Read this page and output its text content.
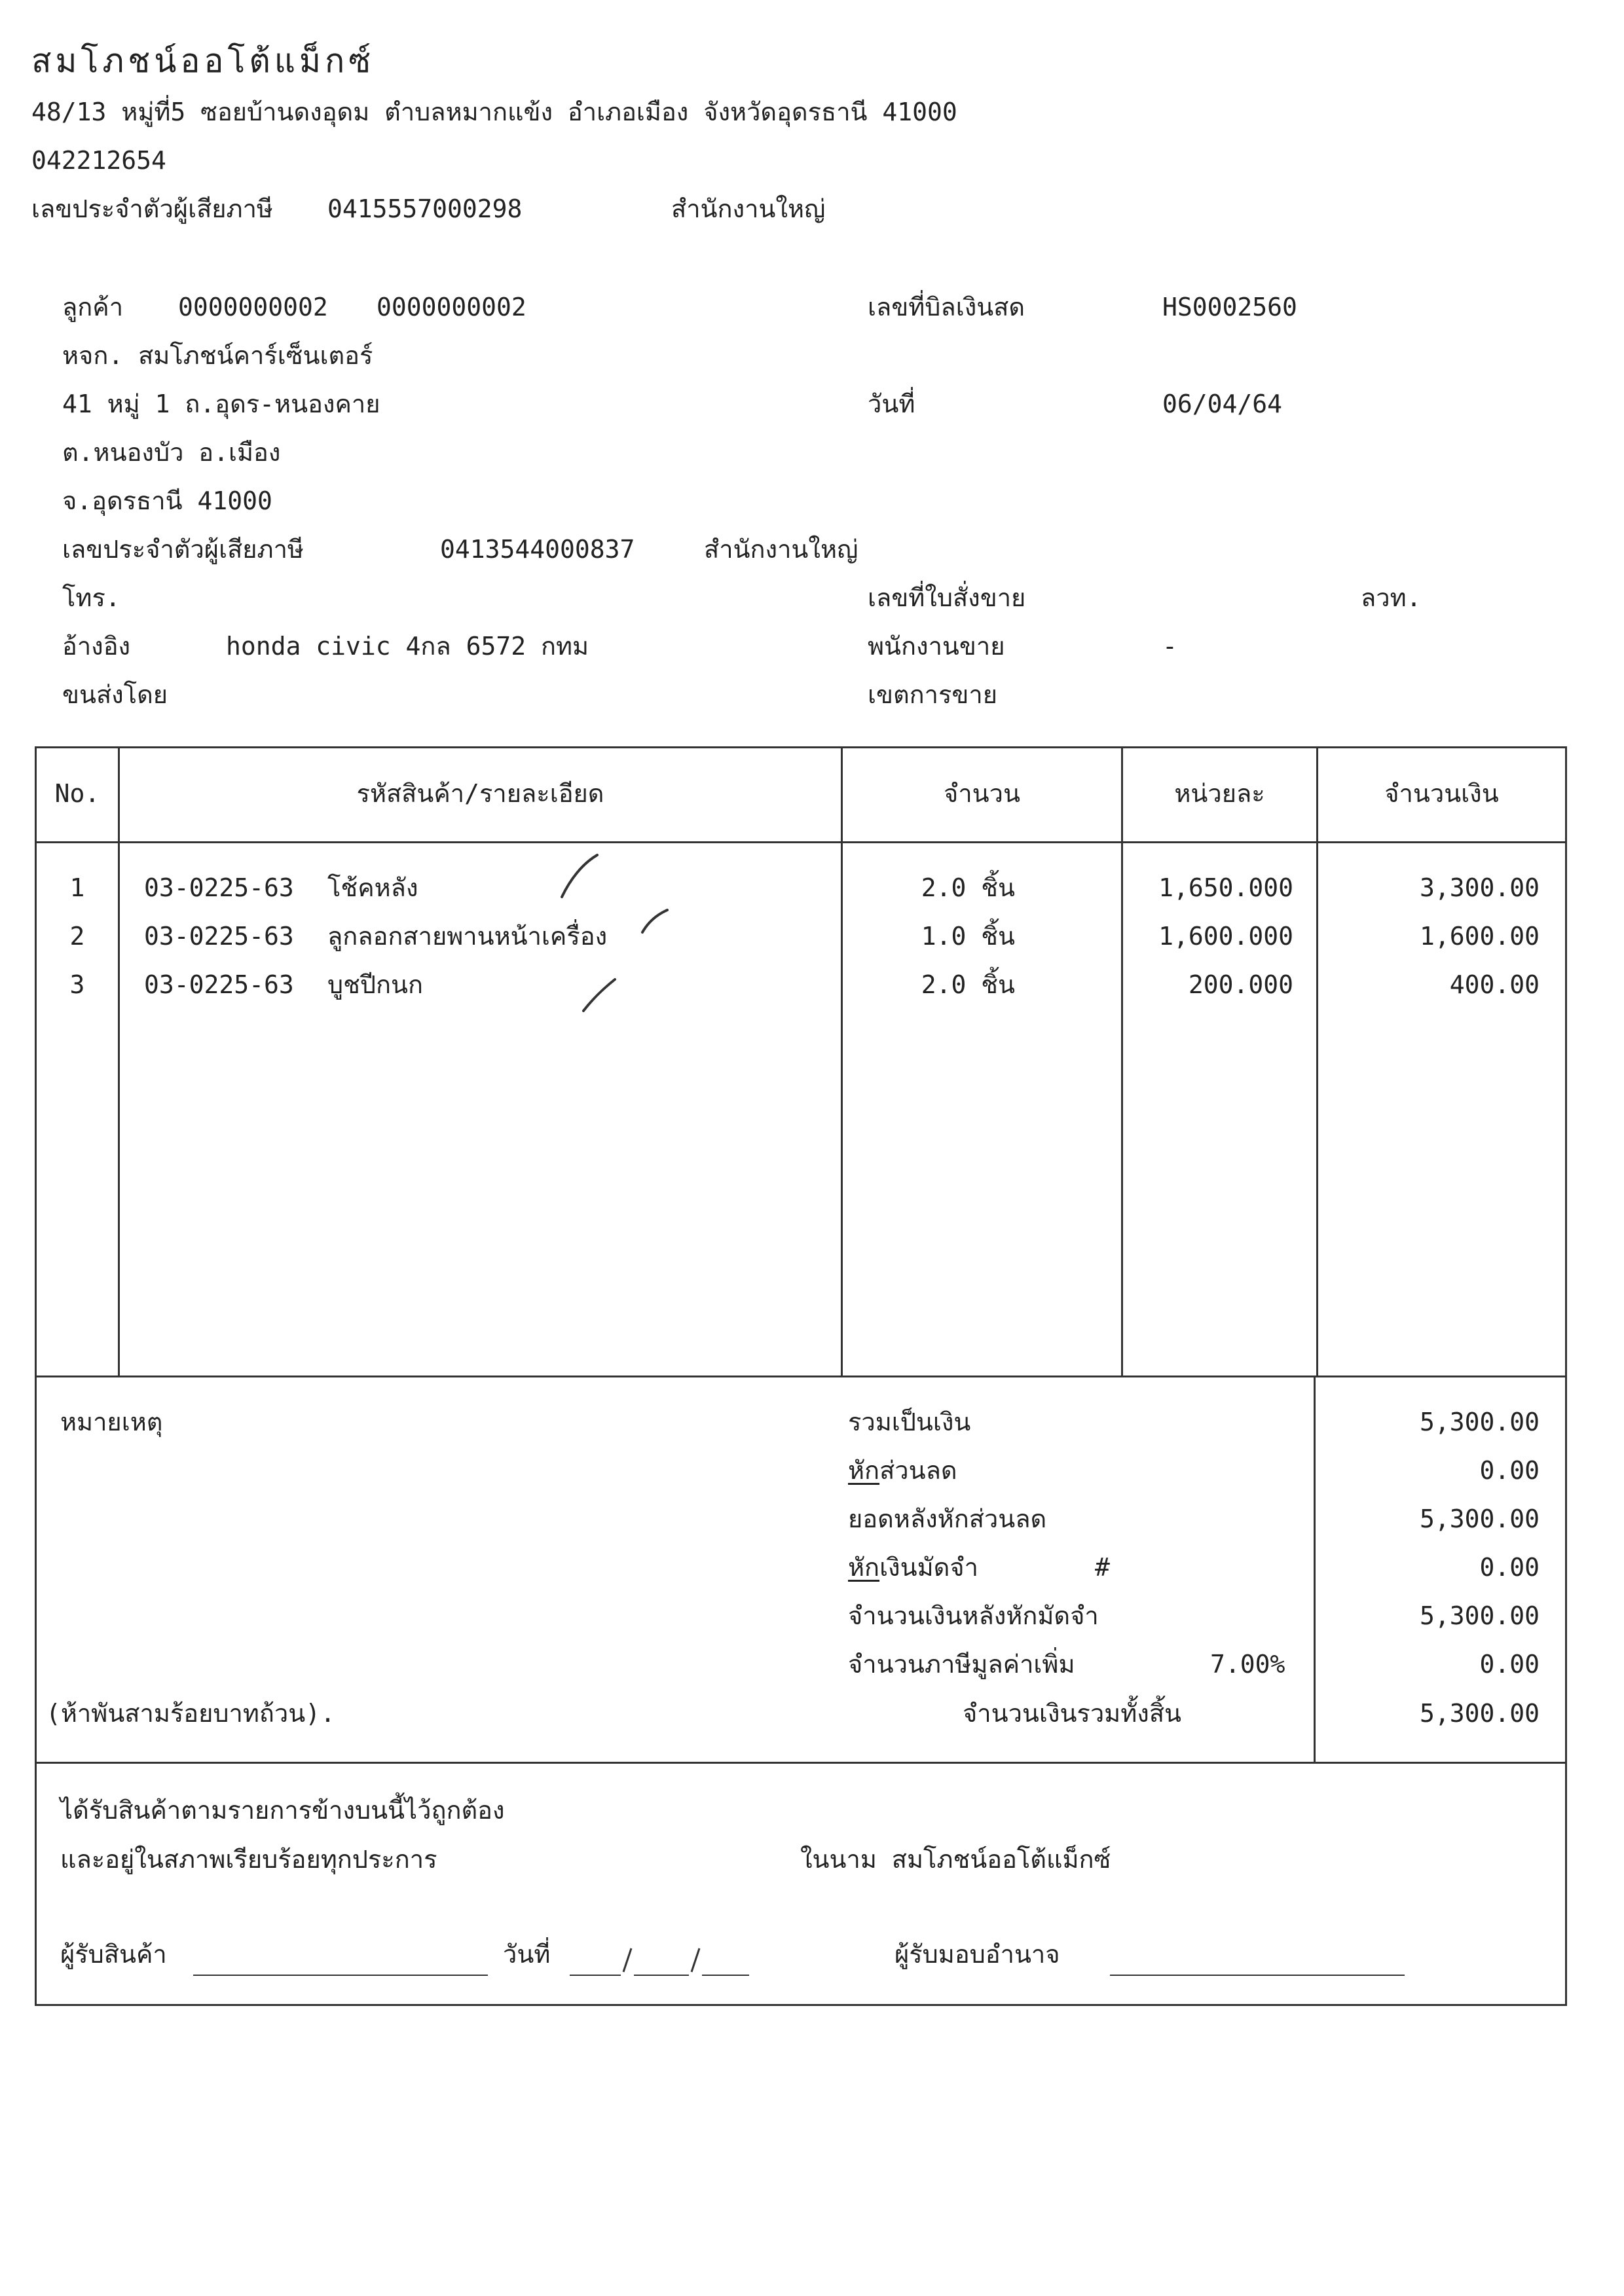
สมโภชน์ออโต้แม็กซ์
48/13 หมู่ที่5 ซอยบ้านดงอุดม ตำบลหมากแข้ง อำเภอเมือง จังหวัดอุดรธานี 41000
042212654
เลขประจำตัวผู้เสียภาษี 0415557000298	สำนักงานใหญ่
ลูกค้า 0000000002 0000000002
หจก. สมโภชน์คาร์เซ็นเตอร์
41 หมู่ 1 ถ.อุดร-หนองคาย
ต.หนองบัว อ.เมือง
จ.อุดรธานี 41000
เลขประจำตัวผู้เสียภาษี	0413544000837	สำนักงานใหญ่
โทร.
อ้างอิง	honda civic 4กล 6572 กทม
ขนส่งโดย
เลขที่บิลเงินสด	HS0002560
วันที่	06/04/64
เลขที่ใบสั่งขาย	ลวท.
พนักงานขาย	-
เขตการขาย
No.	รหัสสินค้า/รายละเอียด	จำนวน	หน่วยละ	จำนวนเงิน
1	03-0225-63 โช้คหลัง	2.0 ชิ้น	1,650.000	3,300.00
2	03-0225-63 ลูกลอกสายพานหน้าเครื่อง	1.0 ชิ้น	1,600.000	1,600.00
3	03-0225-63 บูชปีกนก	2.0 ชิ้น	200.000	400.00
หมายเหตุ
(ห้าพันสามร้อยบาทถ้วน).
รวมเป็นเงิน	5,300.00
หักส่วนลด	0.00
ยอดหลังหักส่วนลด	5,300.00
หักเงินมัดจำ	#	0.00
จำนวนเงินหลังหักมัดจำ	5,300.00
จำนวนภาษีมูลค่าเพิ่ม	7.00%	0.00
จำนวนเงินรวมทั้งสิ้น	5,300.00
ได้รับสินค้าตามรายการข้างบนนี้ไว้ถูกต้อง
และอยู่ในสภาพเรียบร้อยทุกประการ	ในนาม สมโภชน์ออโต้แม็กซ์
ผู้รับสินค้า	วันที่	ผู้รับมอบอำนาจ
